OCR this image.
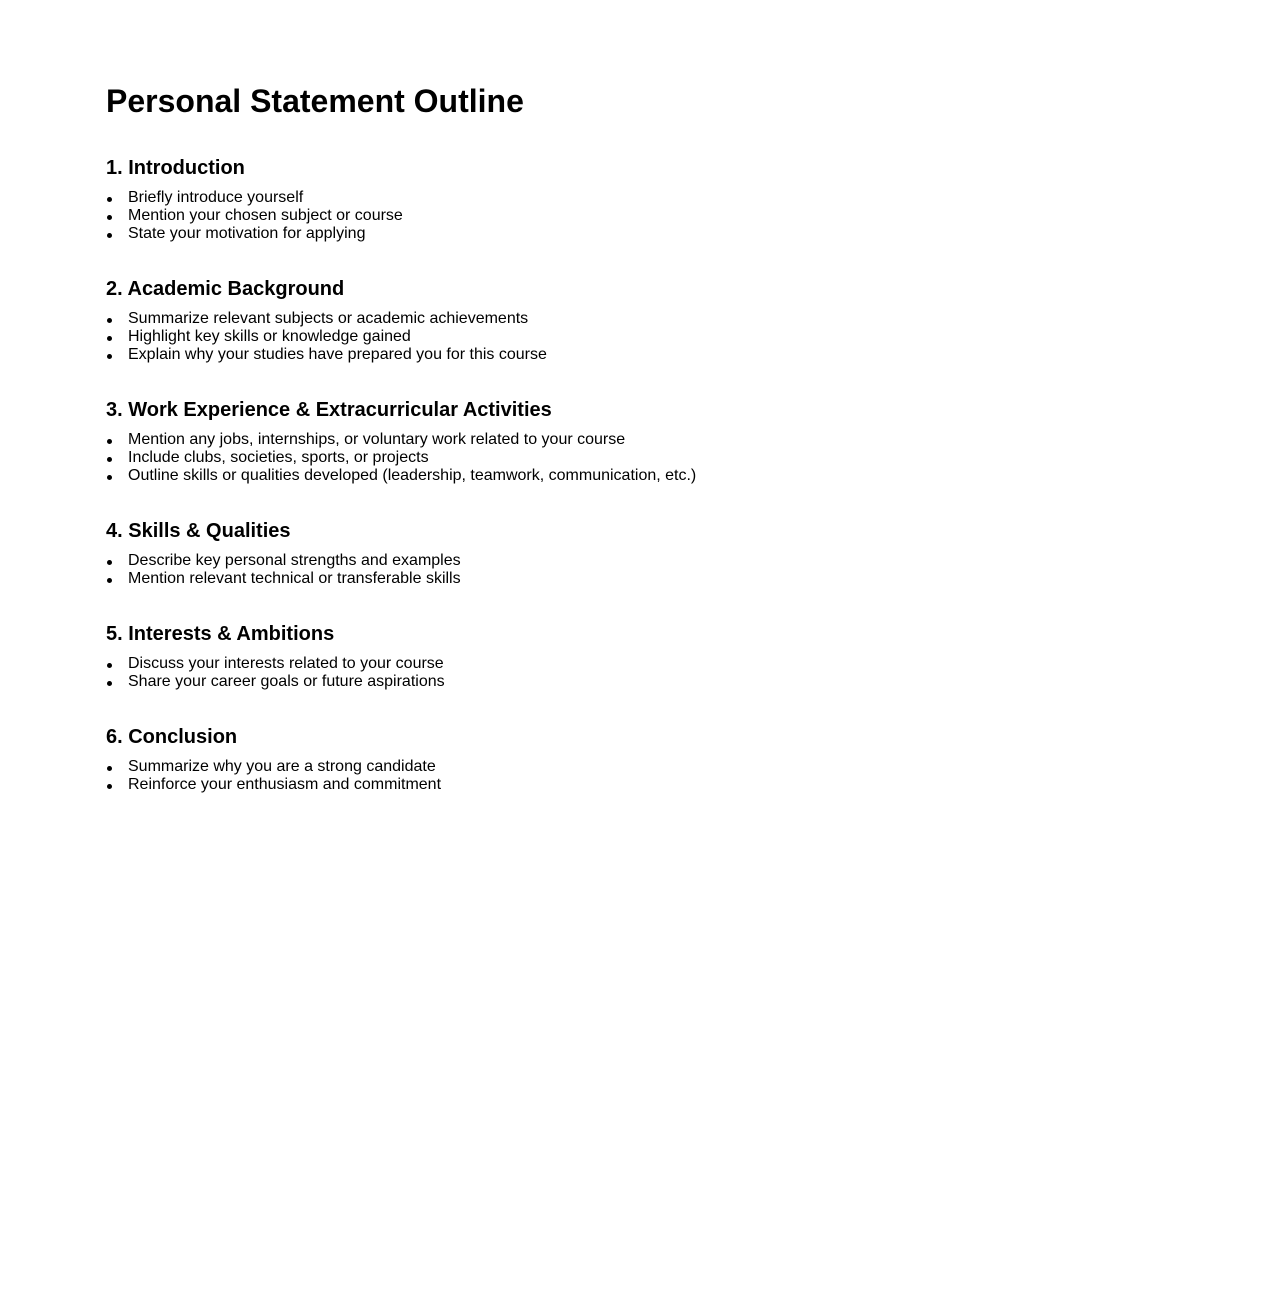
Personal Statement Outline
1. Introduction
Briefly introduce yourself
Mention your chosen subject or course
State your motivation for applying
2. Academic Background
Summarize relevant subjects or academic achievements
Highlight key skills or knowledge gained
Explain why your studies have prepared you for this course
3. Work Experience & Extracurricular Activities
Mention any jobs, internships, or voluntary work related to your course
Include clubs, societies, sports, or projects
Outline skills or qualities developed (leadership, teamwork, communication, etc.)
4. Skills & Qualities
Describe key personal strengths and examples
Mention relevant technical or transferable skills
5. Interests & Ambitions
Discuss your interests related to your course
Share your career goals or future aspirations
6. Conclusion
Summarize why you are a strong candidate
Reinforce your enthusiasm and commitment
